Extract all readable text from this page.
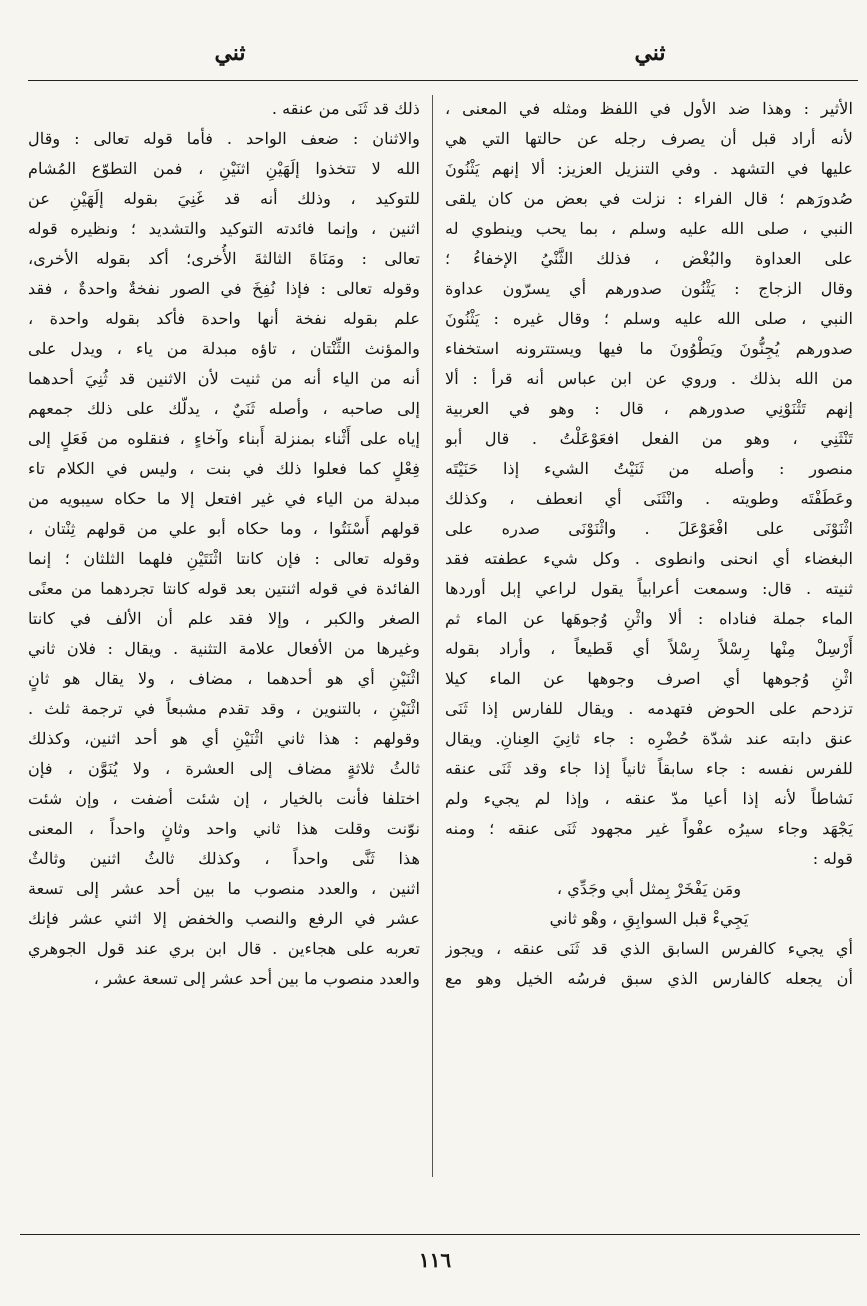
ثني
ثني
الأثير : وهذا ضد الأول في اللفظ ومثله في المعنى ،
لأنه أراد قبل أن يصرف رجله عن حالتها التي هي
عليها في التشهد . وفي التنزيل العزيز: ألا إنهم يَثْنُونَ
صُدورَهم ؛ قال الفراء : نزلت في بعض من كان يلقى
النبي ، صلى الله عليه وسلم ، بما يحب وينطوي له
على العداوة والبُغْض ، فذلك الثَّنْيُ الإخفاءُ ؛
وقال الزجاج : يَثْنُون صدورهم أي يسرّون عداوة
النبي ، صلى الله عليه وسلم ؛ وقال غيره : يَثْنُونَ
صدورهم يُجِنُّونَ ويَطْوُونَ ما فيها ويستترونه استخفاء
من الله بذلك . وروي عن ابن عباس أنه قرأ : ألا
إنهم تَثْنَوْنِي صدورهم ، قال : وهو في العربية
تَنْثَنِي ، وهو من الفعل افعَوْعَلْتُ . قال أبو
منصور : وأصله من ثَنَيْتُ الشيء إذا حَنَيْتَه
وعَطَفْتَه وطويته . وانْثَنَى أي انعطف ، وكذلك
اثْنَوْنَى على افْعَوْعَلَ . واثْنَوْنَى صدره على
البغضاء أي انحنى وانطوى . وكل شيء عطفته فقد
ثنيته . قال: وسمعت أعرابياً يقول لراعي إبل أوردها
الماء جملة فناداه : ألا واثْنِ وُجوهَها عن الماء ثم
أَرْسِلْ مِنْها رِسْلاً رِسْلاً أي قَطيعاً ، وأراد بقوله
اثْنِ وُجوهها أي اصرف وجوهها عن الماء كيلا
تزدحم على الحوض فتهدمه . ويقال للفارس إذا ثَنَى
عنق دابته عند شدّة حُضْرِه : جاء ثانِيَ العِنانِ. ويقال
للفرس نفسه : جاء سابقاً ثانياً إذا جاء وقد ثَنَى عنقه
نَشاطاً لأنه إذا أعيا مدّ عنقه ، وإذا لم يجيء ولم
يَجْهَد وجاء سيرُه عفْواً غير مجهود ثَنَى عنقه ؛ ومنه
قوله :
ومَن يَفْخَرْ بِمثل أبي وجَدِّي ،
يَجِيءْ قبل السوابِقِ ، وهْو ثاني
أي يجيء كالفرس السابق الذي قد ثَنَى عنقه ، ويجوز
أن يجعله كالفارس الذي سبق فرسُه الخيل وهو مع
ذلك قد ثَنَى من عنقه .
والاثنان : ضعف الواحد . فأما قوله تعالى : وقال
الله لا تتخذوا إلَهَيْنِ اثنَيْنِ ، فمن التطوّع المُشام
للتوكيد ، وذلك أنه قد غَنِيَ بقوله إلَهَيْنِ عن
اثنين ، وإنما فائدته التوكيد والتشديد ؛ ونظيره قوله
تعالى : ومَنَاةَ الثالثةَ الأُخرى؛ أكد بقوله الأخرى،
وقوله تعالى : فإذا نُفِخَ في الصور نفخةٌ واحدةٌ ، فقد
علم بقوله نفخة أنها واحدة فأكد بقوله واحدة ،
والمؤنث الثِّنْتان ، تاؤه مبدلة من ياء ، ويدل على
أنه من الياء أنه من ثنيت لأن الاثنين قد ثُنِيَ أحدهما
إلى صاحبه ، وأصله ثَنَيٌ ، يدلّك على ذلك جمعهم
إياه على أَثْناء بمنزلة أَبناء وآخاءٍ ، فنقلوه من فَعَلٍ إلى
فِعْلٍ كما فعلوا ذلك في بنت ، وليس في الكلام تاء
مبدلة من الياء في غير افتعل إلا ما حكاه سيبويه من
قولهم أَسْنَتُوا ، وما حكاه أبو علي من قولهم ثِنْتان ،
وقوله تعالى : فإن كانتا اثْنَتَيْنِ فلهما الثلثان ؛ إنما
الفائدة في قوله اثنتين بعد قوله كانتا تجردهما من معنًى
الصغر والكبر ، وإلا فقد علم أن الألف في كانتا
وغيرها من الأفعال علامة التثنية . ويقال : فلان ثاني
اثْنَيْنِ أي هو أحدهما ، مضاف ، ولا يقال هو ثانٍ
اثْنَيْنِ ، بالتنوين ، وقد تقدم مشبعاً في ترجمة ثلث .
وقولهم : هذا ثاني اثْنَيْنِ أي هو أحد اثنين، وكذلك
ثالثُ ثلاثةٍ مضاف إلى العشرة ، ولا يُنَوَّن ، فإن
اختلفا فأنت بالخيار ، إن شئت أضفت ، وإن شئت
نوّنت وقلت هذا ثاني واحد وثانٍ واحداً ، المعنى
هذا ثَنَّى واحداً ، وكذلك ثالثُ اثنين وثالثٌ
اثنين ، والعدد منصوب ما بين أحد عشر إلى تسعة
عشر في الرفع والنصب والخفض إلا اثني عشر فإنك
تعربه على هجاءين . قال ابن بري عند قول الجوهري
والعدد منصوب ما بين أحد عشر إلى تسعة عشر ،
١١٦
